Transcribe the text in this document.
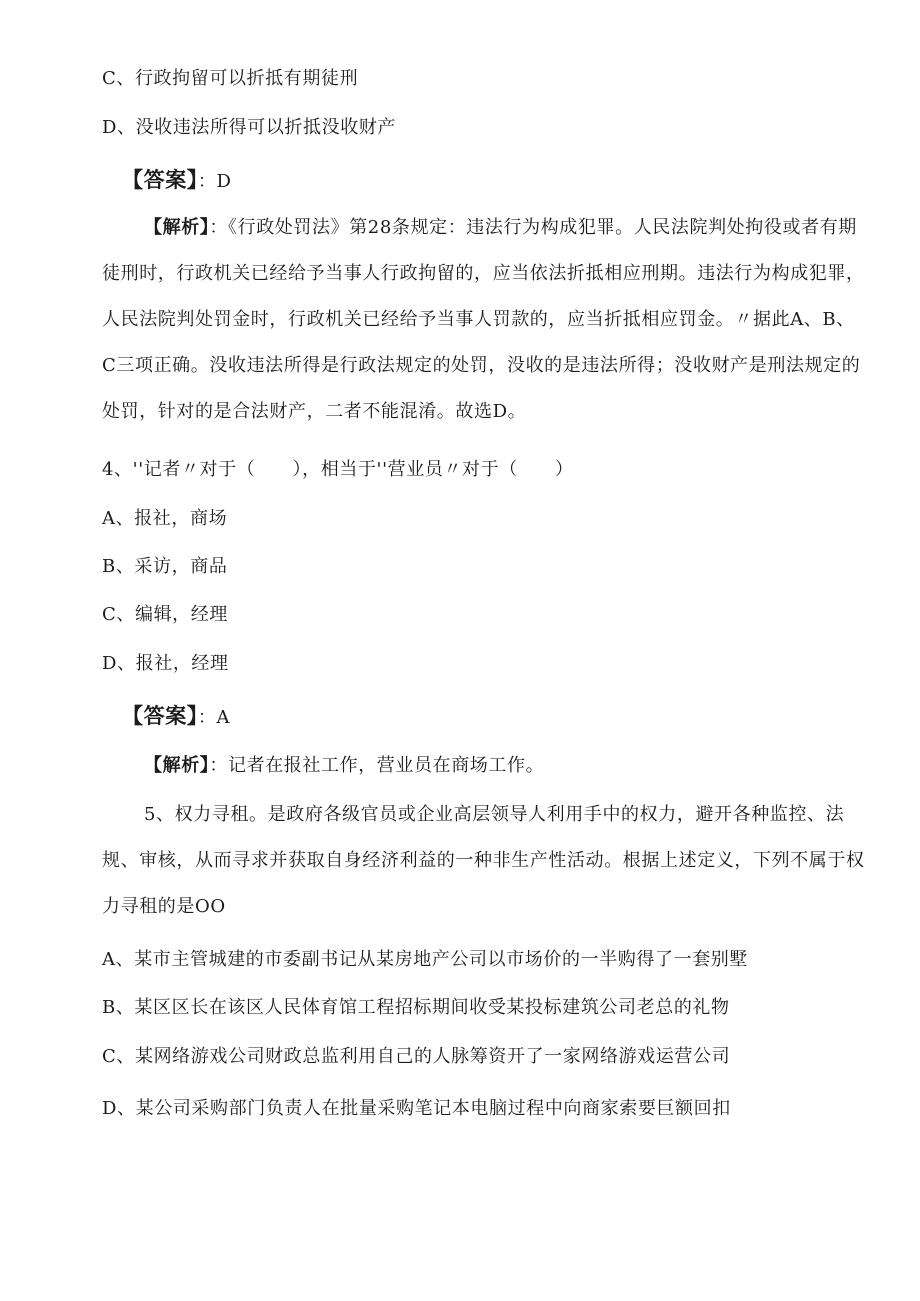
C、行政拘留可以折抵有期徒刑
D、没收违法所得可以折抵没收财产
【答案】：D

【解析】：《行政处罚法》第28条规定：违法行为构成犯罪。人民法院判处拘役或者有期徒刑时，行政机关已经给予当事人行政拘留的，应当依法折抵相应刑期。违法行为构成犯罪，人民法院判处罚金时，行政机关已经给予当事人罚款的，应当折抵相应罚金。〃据此A、B、C三项正确。没收违法所得是行政法规定的处罚，没收的是违法所得；没收财产是刑法规定的处罚，针对的是合法财产，二者不能混淆。故选D。

4、''记者〃对于（　　），相当于''营业员〃对于（　　）
A、报社，商场
B、采访，商品
C、编辑，经理
D、报社，经理
【答案】：A
【解析】：记者在报社工作，营业员在商场工作。

5、权力寻租。是政府各级官员或企业高层领导人利用手中的权力，避开各种监控、法规、审核，从而寻求并获取自身经济利益的一种非生产性活动。根据上述定义，下列不属于权力寻租的是OO

A、某市主管城建的市委副书记从某房地产公司以市场价的一半购得了一套别墅
B、某区区长在该区人民体育馆工程招标期间收受某投标建筑公司老总的礼物
C、某网络游戏公司财政总监利用自己的人脉筹资开了一家网络游戏运营公司
D、某公司采购部门负责人在批量采购笔记本电脑过程中向商家索要巨额回扣
